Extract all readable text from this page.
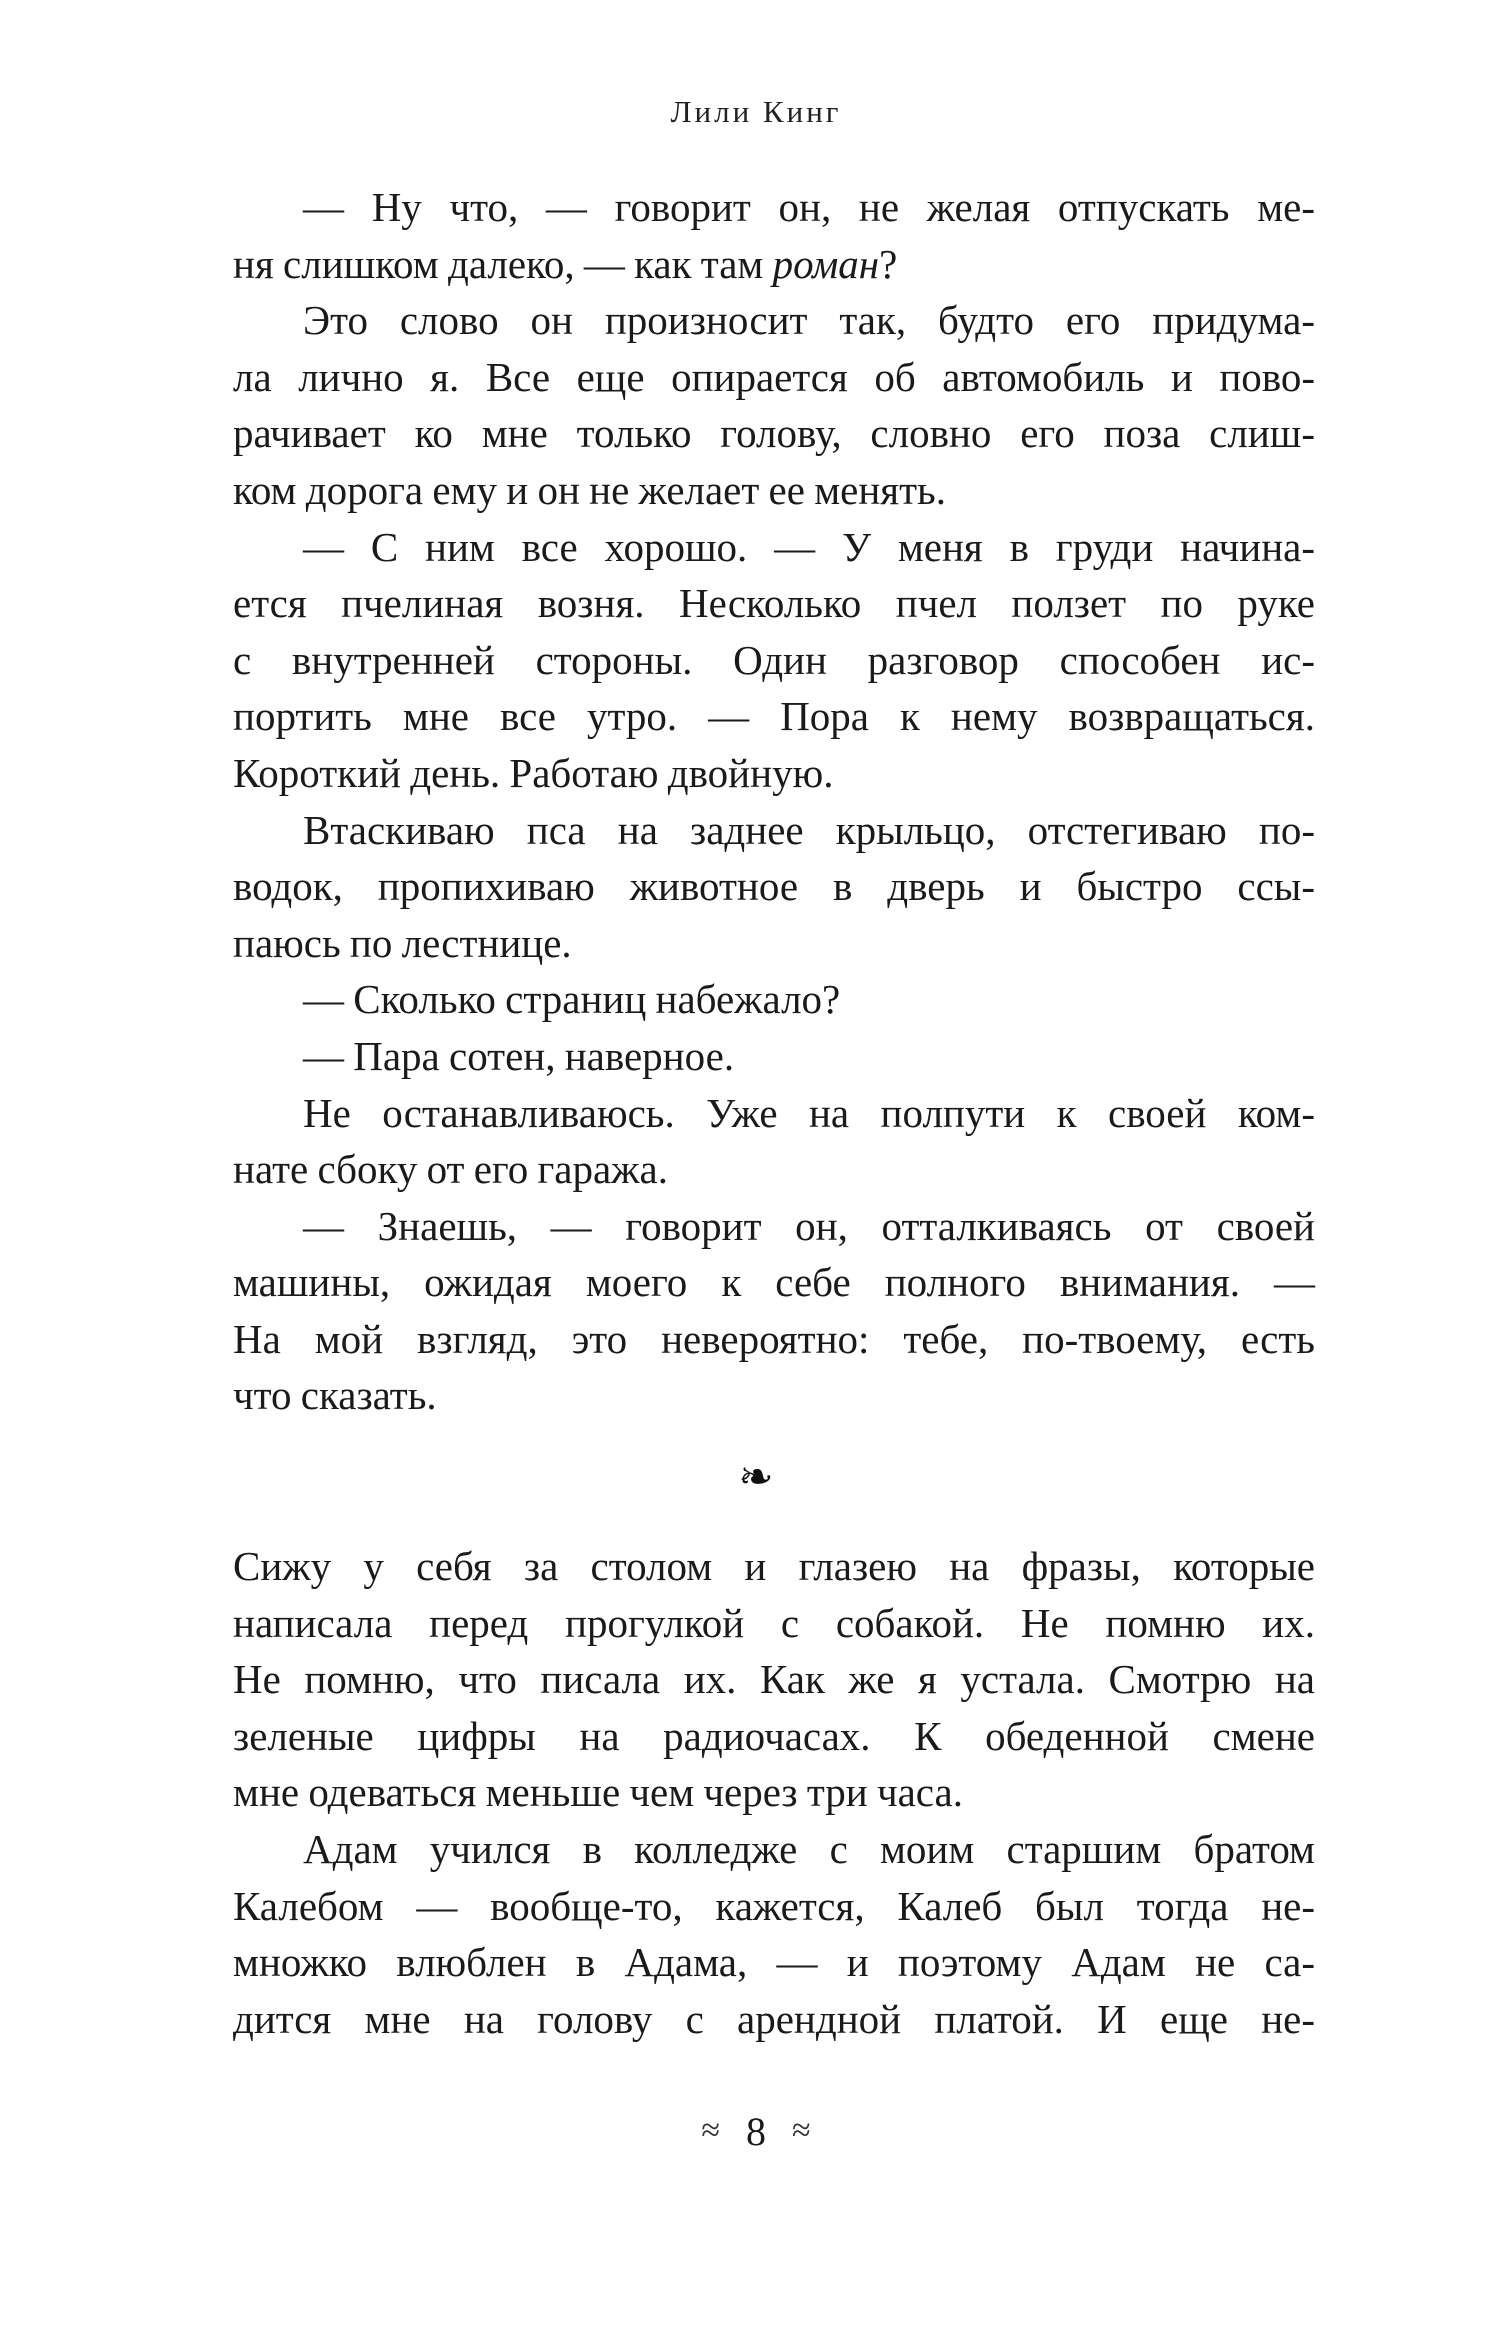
Лили Кинг
— Ну что, — говорит он, не желая отпускать ме-
ня слишком далеко, — как там роман?
Это слово он произносит так, будто его придума-
ла лично я. Все еще опирается об автомобиль и пово-
рачивает ко мне только голову, словно его поза слиш-
ком дорога ему и он не желает ее менять.
— С ним все хорошо. — У меня в груди начина-
ется пчелиная возня. Несколько пчел ползет по руке
с внутренней стороны. Один разговор способен ис-
портить мне все утро. — Пора к нему возвращаться.
Короткий день. Работаю двойную.
Втаскиваю пса на заднее крыльцо, отстегиваю по-
водок, пропихиваю животное в дверь и быстро ссы-
паюсь по лестнице.
— Сколько страниц набежало?
— Пара сотен, наверное.
Не останавливаюсь. Уже на полпути к своей ком-
нате сбоку от его гаража.
— Знаешь, — говорит он, отталкиваясь от своей
машины, ожидая моего к себе полного внимания. —
На мой взгляд, это невероятно: тебе, по-твоему, есть
что сказать.
❧
Сижу у себя за столом и глазею на фразы, которые
написала перед прогулкой с собакой. Не помню их.
Не помню, что писала их. Как же я устала. Смотрю на
зеленые цифры на радиочасах. К обеденной смене
мне одеваться меньше чем через три часа.
Адам учился в колледже с моим старшим братом
Калебом — вообще-то, кажется, Калеб был тогда не-
множко влюблен в Адама, — и поэтому Адам не са-
дится мне на голову с арендной платой. И еще не-
≈ 8 ≈
